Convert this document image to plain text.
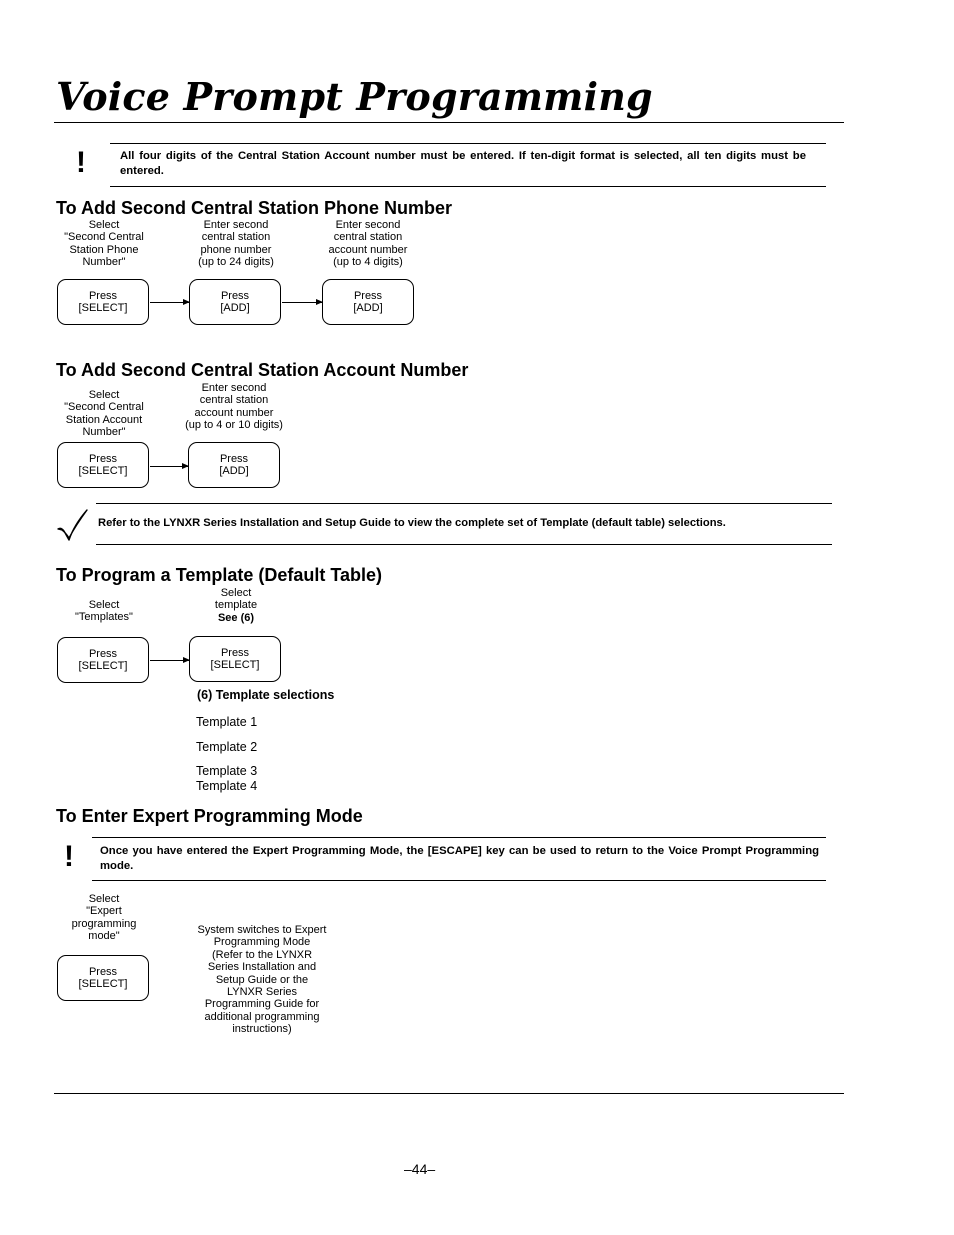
Voice Prompt Programming
!	All four digits of the Central Station Account number must be entered. If ten-digit format is selected, all ten digits must be entered.
To Add Second Central Station Phone Number
Select
"Second Central
Station Phone
Number"
Enter second
central station
phone number
(up to 24 digits)
Enter second
central station
account number
(up to 4 digits)
Press
[SELECT]
Press
[ADD]
Press
[ADD]
To Add Second Central Station Account Number
Select
"Second Central
Station Account
Number"
Enter second
central station
account number
(up to 4 or 10 digits)
Press
[SELECT]
Press
[ADD]
Refer to the LYNXR Series Installation and Setup Guide to view the complete set of Template (default table) selections.
To Program a Template (Default Table)
Select
"Templates"
Select
template
See (6)
Press
[SELECT]
Press
[SELECT]
(6) Template selections
Template 1
Template 2
Template 3
Template 4
To Enter Expert Programming Mode
! Once you have entered the Expert Programming Mode, the [ESCAPE] key can be used to return to the Voice Prompt Programming mode.
Select
"Expert
programming
mode"
Press
[SELECT]
System switches to Expert
Programming Mode
(Refer to the LYNXR
Series Installation and
Setup Guide or the
LYNXR Series
Programming Guide for
additional programming
instructions)
–44–
